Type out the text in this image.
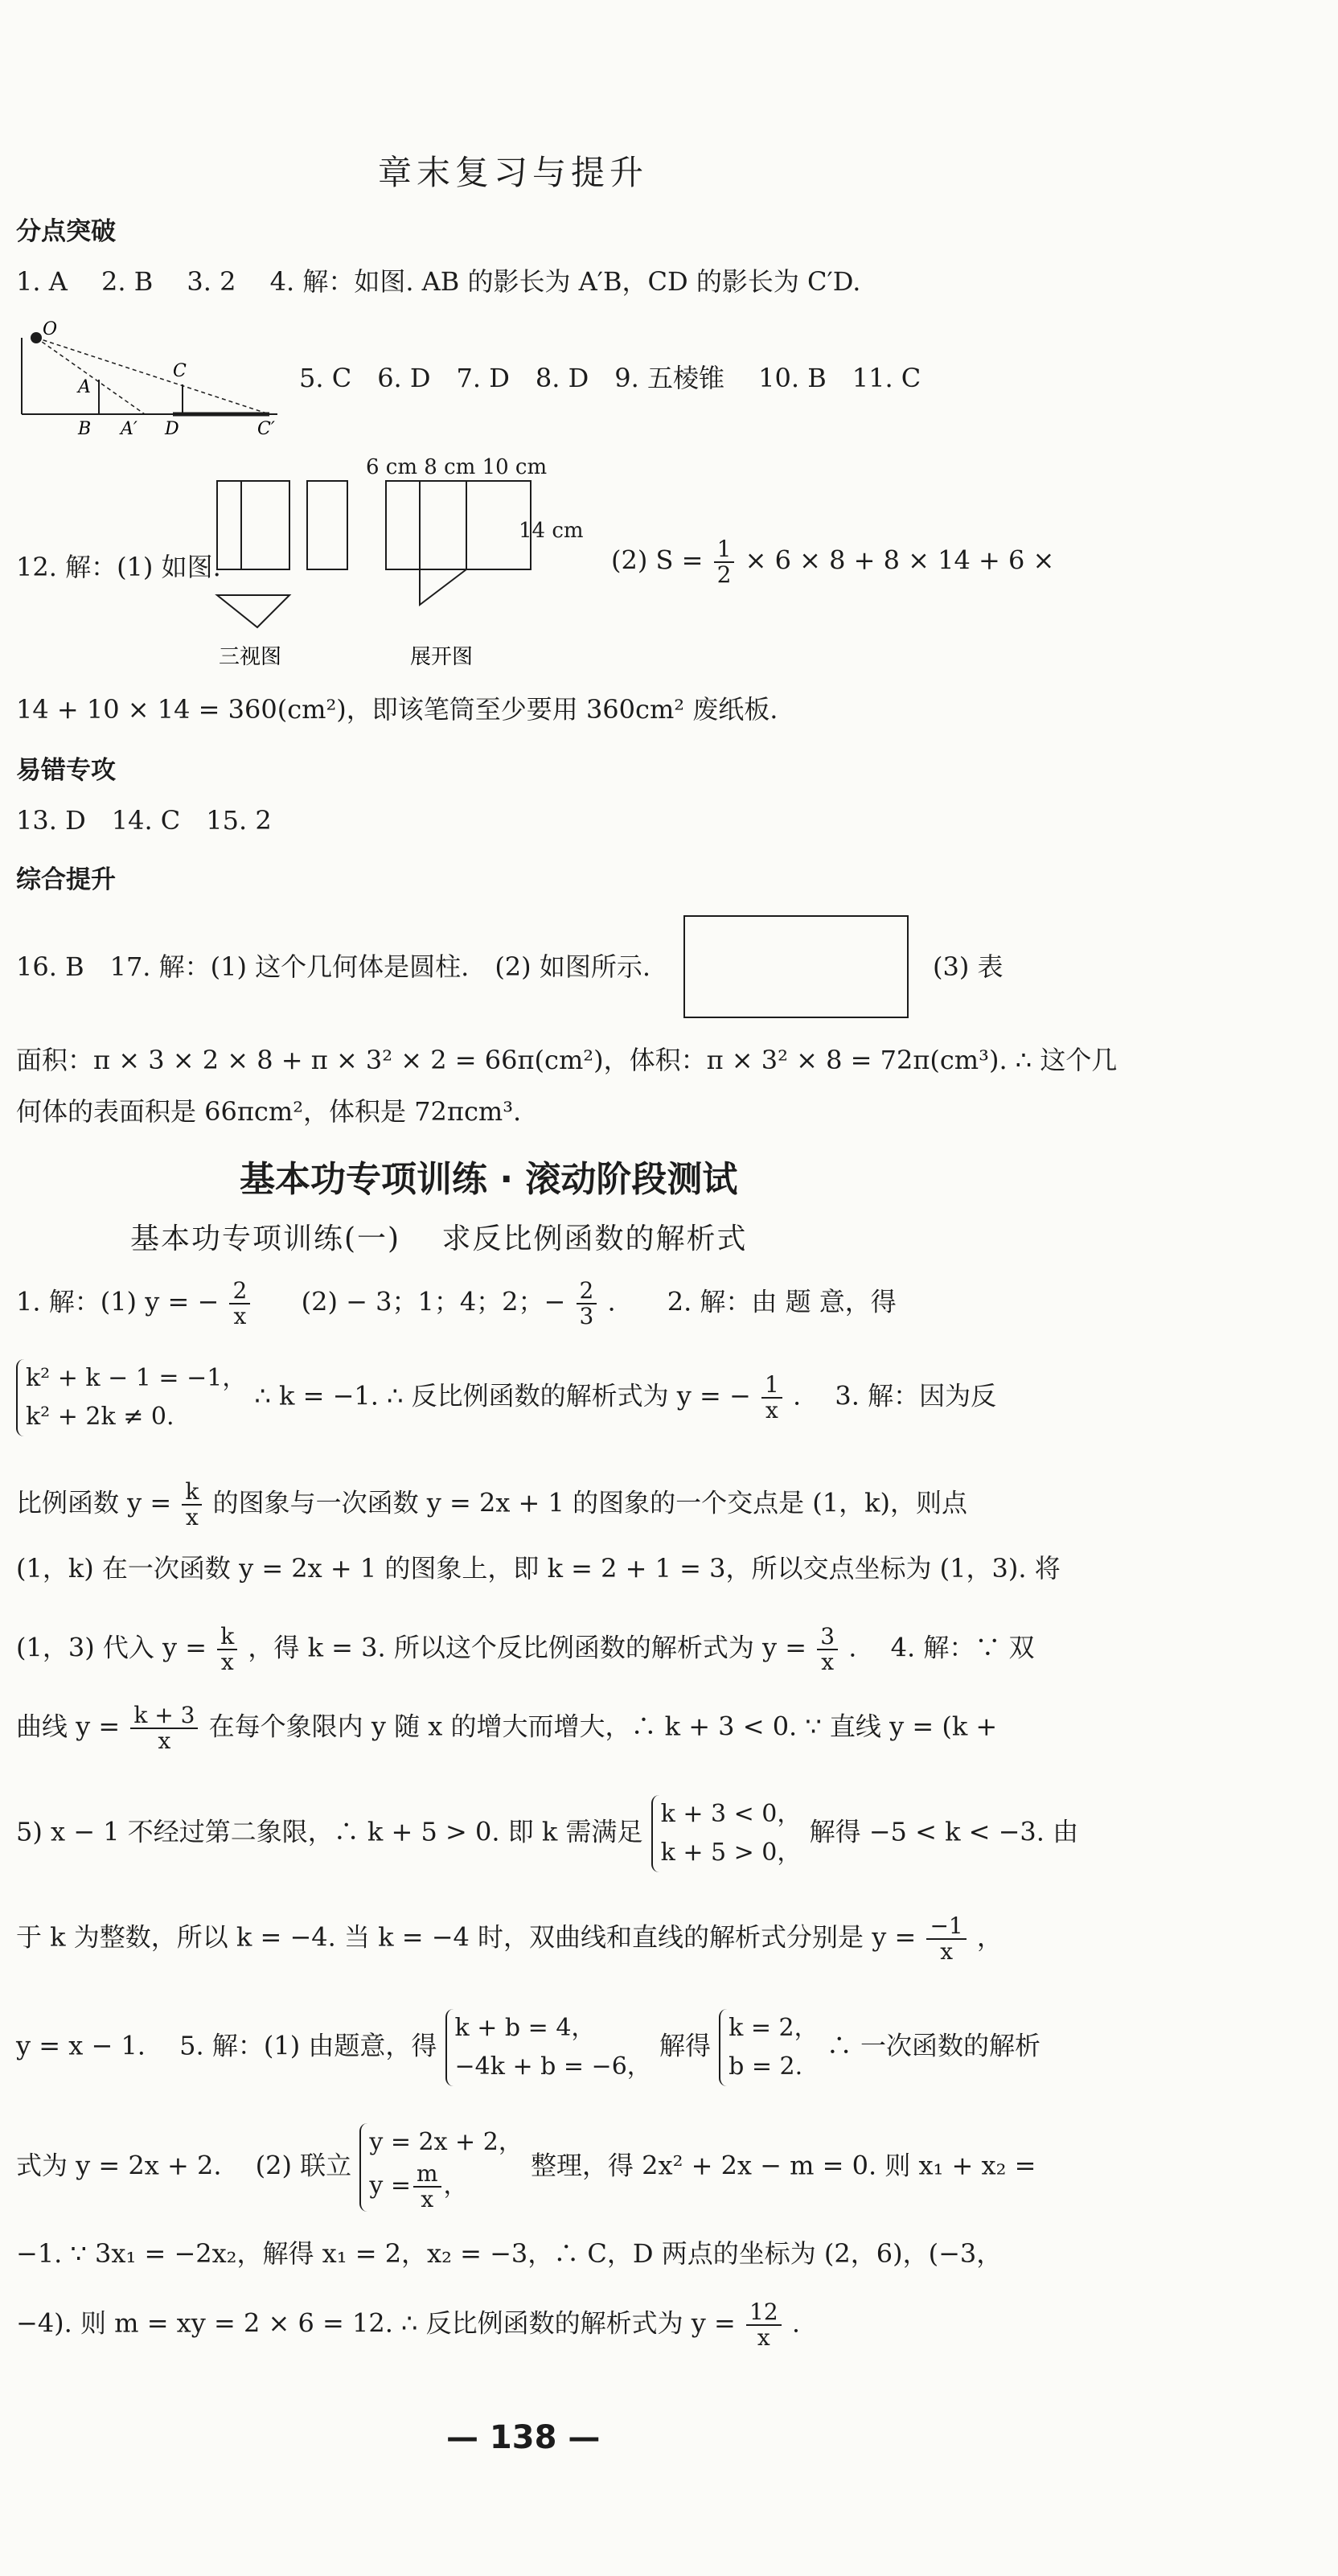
章末复习与提升
分点突破
1. A　 2. B　 3. 2　 4. 解：如图. AB 的影长为 A′B，CD 的影长为 C′D.
O
A
C
B A′ D	C′
5. C　6. D　7. D　8. D　9. 五棱锥　 10. B　11. C
三视图
6 cm 8 cm 10 cm
展开图
14 cm
12. 解：(1) 如图.	(2) $S = \frac{1}{2} \times 6 \times 8 + 8 \times 14 + 6$ ×
14 + 10 × 14 = 360(cm²)，即该笔筒至少要用 360cm² 废纸板.
易错专攻
13. D　14. C　15. 2
综合提升
16. B　17. 解：(1) 这个几何体是圆柱.　(2) 如图所示.	(3) 表
面积：π × 3 × 2 × 8 + π × 3² × 2 = 66π(cm²)，体积：π × 3² × 8 = 72π(cm³). ∴ 这个几
何体的表面积是 66πcm²，体积是 72πcm³.
基本功专项训练 · 滚动阶段测试
基本功专项训练(一)　 求反比例函数的解析式
1. 解：(1) y = − $\frac{2}{x} (2) - 3$；1；4；2；− $\frac{2}{3}$ .　　2. 解：由 题 意，得
k² + k − 1 = −1，
k² + 2k ≠ 0.
∴ k = −1. ∴ 反比例函数的解析式为 y = − $\frac{1}{x}$ .　 3. 解：因为反
比例函数 $y = \frac{k}{x}$ 的图象与一次函数 y = 2x + 1 的图象的一个交点是 (1，k)，则点
(1，k) 在一次函数 y = 2x + 1 的图象上，即 k = 2 + 1 = 3，所以交点坐标为 (1，3). 将
(1，3) 代入 $y = \frac{k}{x}$ ，得 k = 3. 所以这个反比例函数的解析式为 $y = \frac{3}{x}$ .　 4. 解：∵ 双
曲线 $y = \frac{k + 3}{x}$ 在每个象限内 y 随 x 的增大而增大，∴ k + 3 < 0. ∵ 直线 y = (k +
5) x − 1 不经过第二象限，∴ k + 5 > 0. 即 k 需满足
k + 3 < 0，
k + 5 > 0，
解得 −5 < k < −3. 由
于 k 为整数，所以 k = −4. 当 k = −4 时，双曲线和直线的解析式分别是 $y = \frac{-1}{x}$ ，
y = x − 1.　 5. 解：(1) 由题意，得
k + b = 4，
−4k + b = −6，
解得
k = 2，
b = 2.
∴ 一次函数的解析
式为 y = 2x + 2.　 (2) 联立
y = 2x + 2，
$y = \frac{m}{x}$ ，
整理，得 2x² + 2x − m = 0. 则 x₁ + x₂ =
−1. ∵ 3x₁ = −2x₂，解得 x₁ = 2，x₂ = −3，∴ C，D 两点的坐标为 (2，6)，(−3，
−4). 则 m = xy = 2 × 6 = 12. ∴ 反比例函数的解析式为 $y = \frac{12}{x}$ .
— 138 —
